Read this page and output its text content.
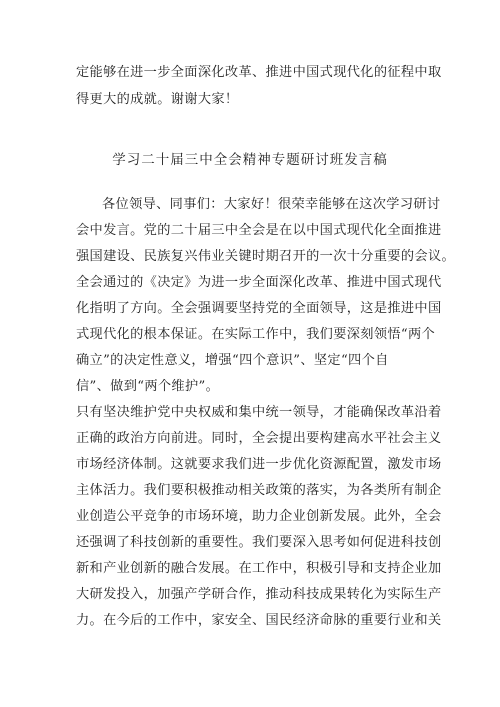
定能够在进一步全面深化改革、推进中国式现代化的征程中取
得更大的成就。谢谢大家！
学习二十届三中全会精神专题研讨班发言稿
各位领导、同事们：大家好！很荣幸能够在这次学习研讨
会中发言。党的二十届三中全会是在以中国式现代化全面推进
强国建设、民族复兴伟业关键时期召开的一次十分重要的会议。
全会通过的《决定》为进一步全面深化改革、推进中国式现代
化指明了方向。全会强调要坚持党的全面领导，这是推进中国
式现代化的根本保证。在实际工作中，我们要深刻领悟“两个
确立”的决定性意义，增强“四个意识”、坚定“四个自
信”、做到“两个维护”。
只有坚决维护党中央权威和集中统一领导，才能确保改革沿着
正确的政治方向前进。同时，全会提出要构建高水平社会主义
市场经济体制。这就要求我们进一步优化资源配置，激发市场
主体活力。我们要积极推动相关政策的落实，为各类所有制企
业创造公平竞争的市场环境，助力企业创新发展。此外，全会
还强调了科技创新的重要性。我们要深入思考如何促进科技创
新和产业创新的融合发展。在工作中，积极引导和支持企业加
大研发投入，加强产学研合作，推动科技成果转化为实际生产
力。在今后的工作中，家安全、国民经济命脉的重要行业和关
